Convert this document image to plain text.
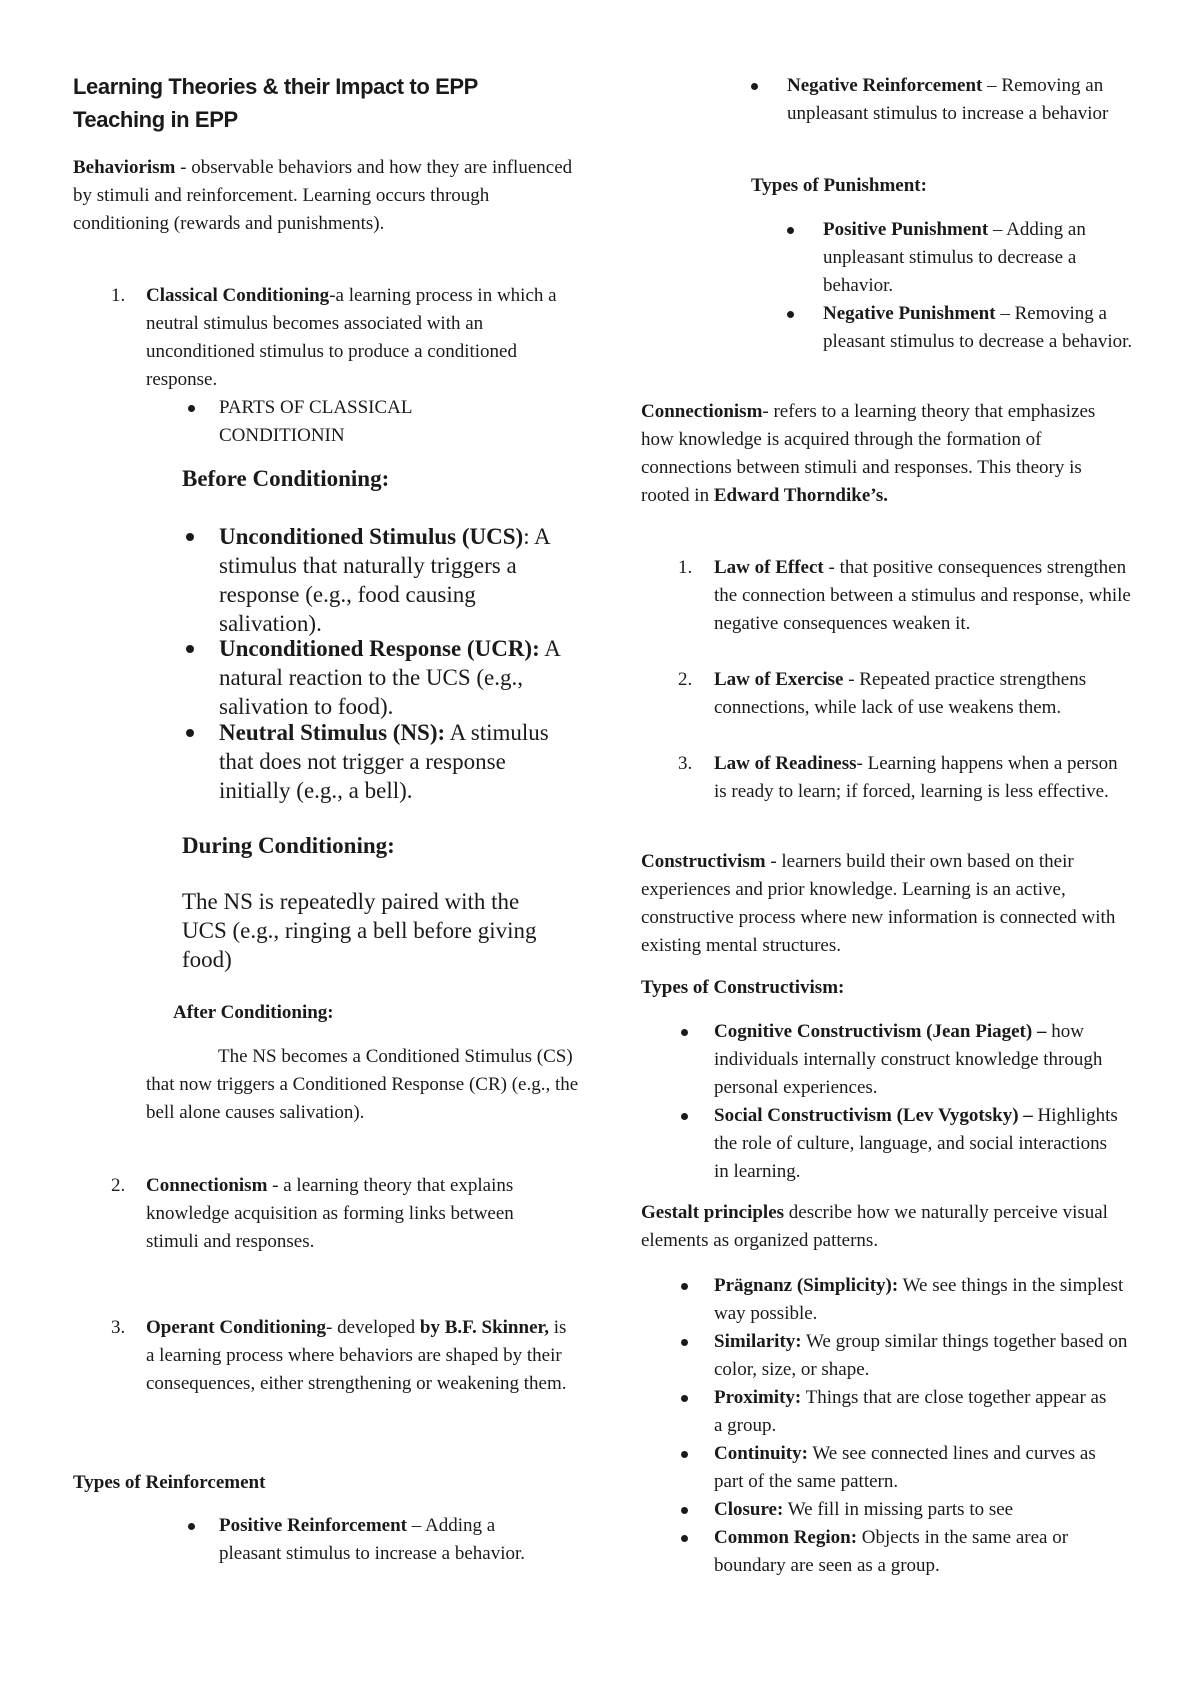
Learning Theories & their Impact to EPP
Teaching in EPP

Behaviorism - observable behaviors and how they are influenced by stimuli and reinforcement. Learning occurs through conditioning (rewards and punishments).

1. Classical Conditioning-a learning process in which a neutral stimulus becomes associated with an unconditioned stimulus to produce a conditioned response.

PARTS OF CLASSICAL CONDITIONIN

Before Conditioning:

Unconditioned Stimulus (UCS): A stimulus that naturally triggers a response (e.g., food causing salivation).

Unconditioned Response (UCR): A natural reaction to the UCS (e.g., salivation to food).

Neutral Stimulus (NS): A stimulus that does not trigger a response initially (e.g., a bell).

During Conditioning:

The NS is repeatedly paired with the UCS (e.g., ringing a bell before giving food)

After Conditioning:

The NS becomes a Conditioned Stimulus (CS) that now triggers a Conditioned Response (CR) (e.g., the bell alone causes salivation).

2. Connectionism - a learning theory that explains knowledge acquisition as forming links between stimuli and responses.

3. Operant Conditioning- developed by B.F. Skinner, is a learning process where behaviors are shaped by their consequences, either strengthening or weakening them.

Types of Reinforcement

Positive Reinforcement – Adding a pleasant stimulus to increase a behavior.

Negative Reinforcement – Removing an unpleasant stimulus to increase a behavior

Types of Punishment:

Positive Punishment – Adding an unpleasant stimulus to decrease a behavior.

Negative Punishment – Removing a pleasant stimulus to decrease a behavior.

Connectionism- refers to a learning theory that emphasizes how knowledge is acquired through the formation of connections between stimuli and responses. This theory is rooted in Edward Thorndike’s.

1. Law of Effect - that positive consequences strengthen the connection between a stimulus and response, while negative consequences weaken it.

2. Law of Exercise - Repeated practice strengthens connections, while lack of use weakens them.

3. Law of Readiness- Learning happens when a person is ready to learn; if forced, learning is less effective.

Constructivism - learners build their own based on their experiences and prior knowledge. Learning is an active, constructive process where new information is connected with existing mental structures.

Types of Constructivism:

Cognitive Constructivism (Jean Piaget) – how individuals internally construct knowledge through personal experiences.

Social Constructivism (Lev Vygotsky) – Highlights the role of culture, language, and social interactions in learning.

Gestalt principles describe how we naturally perceive visual elements as organized patterns.

Prägnanz (Simplicity): We see things in the simplest way possible.

Similarity: We group similar things together based on color, size, or shape.

Proximity: Things that are close together appear as a group.

Continuity: We see connected lines and curves as part of the same pattern.

Closure: We fill in missing parts to see

Common Region: Objects in the same area or boundary are seen as a group.
